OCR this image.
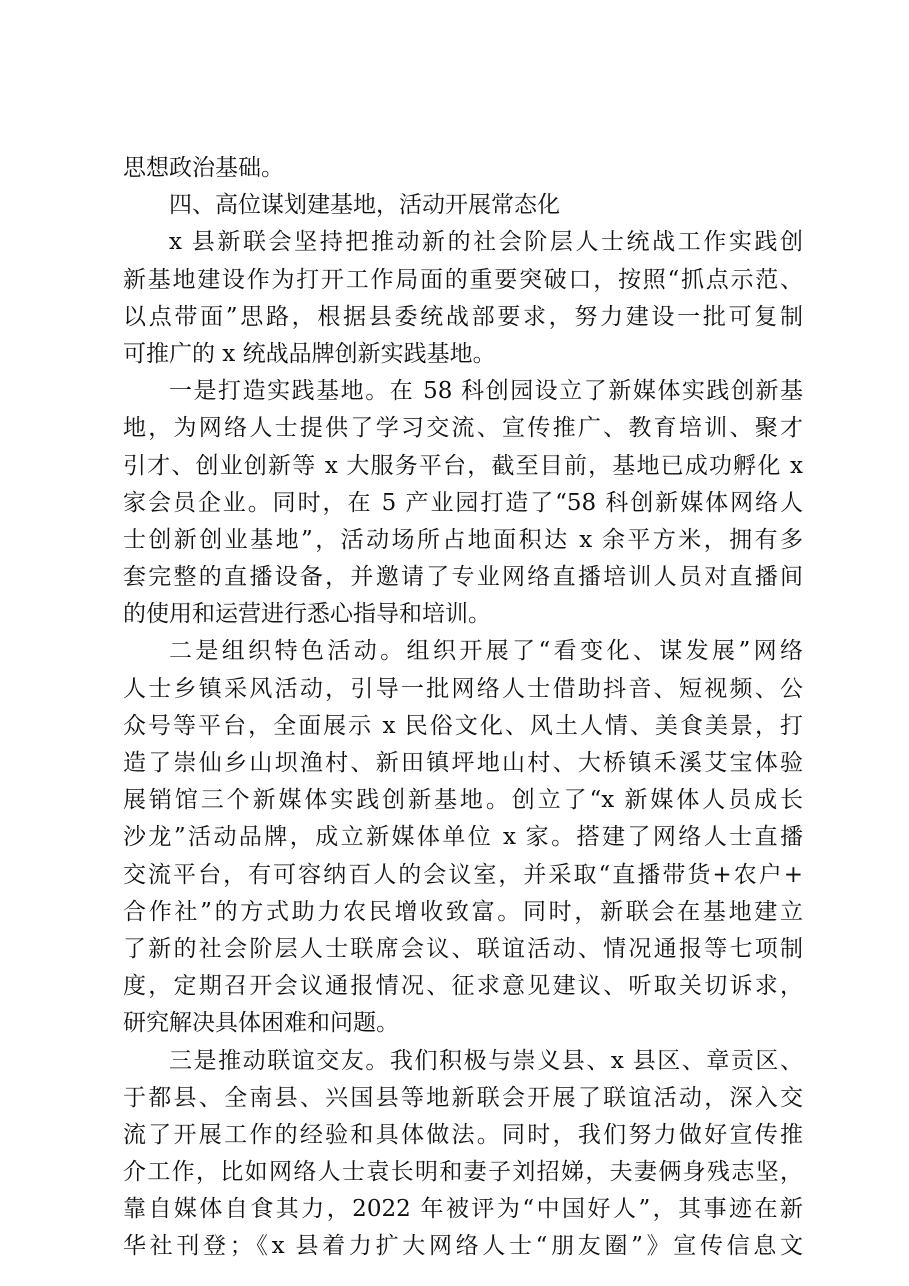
思想政治基础。
四、高位谋划建基地，活动开展常态化
x 县新联会坚持把推动新的社会阶层人士统战工作实践创
新基地建设作为打开工作局面的重要突破口，按照“抓点示范、
以点带面”思路，根据县委统战部要求，努力建设一批可复制
可推广的 x 统战品牌创新实践基地。
一是打造实践基地。在 58 科创园设立了新媒体实践创新基
地，为网络人士提供了学习交流、宣传推广、教育培训、聚才
引才、创业创新等 x 大服务平台，截至目前，基地已成功孵化 x
家会员企业。同时，在 5 产业园打造了“58 科创新媒体网络人
士创新创业基地”，活动场所占地面积达 x 余平方米，拥有多
套完整的直播设备，并邀请了专业网络直播培训人员对直播间
的使用和运营进行悉心指导和培训。
二是组织特色活动。组织开展了“看变化、谋发展”网络
人士乡镇采风活动，引导一批网络人士借助抖音、短视频、公
众号等平台，全面展示 x 民俗文化、风土人情、美食美景，打
造了崇仙乡山坝渔村、新田镇坪地山村、大桥镇禾溪艾宝体验
展销馆三个新媒体实践创新基地。创立了“x 新媒体人员成长
沙龙”活动品牌，成立新媒体单位 x 家。搭建了网络人士直播
交流平台，有可容纳百人的会议室，并采取“直播带货+农户+
合作社”的方式助力农民增收致富。同时，新联会在基地建立
了新的社会阶层人士联席会议、联谊活动、情况通报等七项制
度，定期召开会议通报情况、征求意见建议、听取关切诉求，
研究解决具体困难和问题。
三是推动联谊交友。我们积极与崇义县、x 县区、章贡区、
于都县、全南县、兴国县等地新联会开展了联谊活动，深入交
流了开展工作的经验和具体做法。同时，我们努力做好宣传推
介工作，比如网络人士袁长明和妻子刘招娣，夫妻俩身残志坚，
靠自媒体自食其力，2022 年被评为“中国好人”，其事迹在新
华社刊登；《x 县着力扩大网络人士“朋友圈”》宣传信息文
